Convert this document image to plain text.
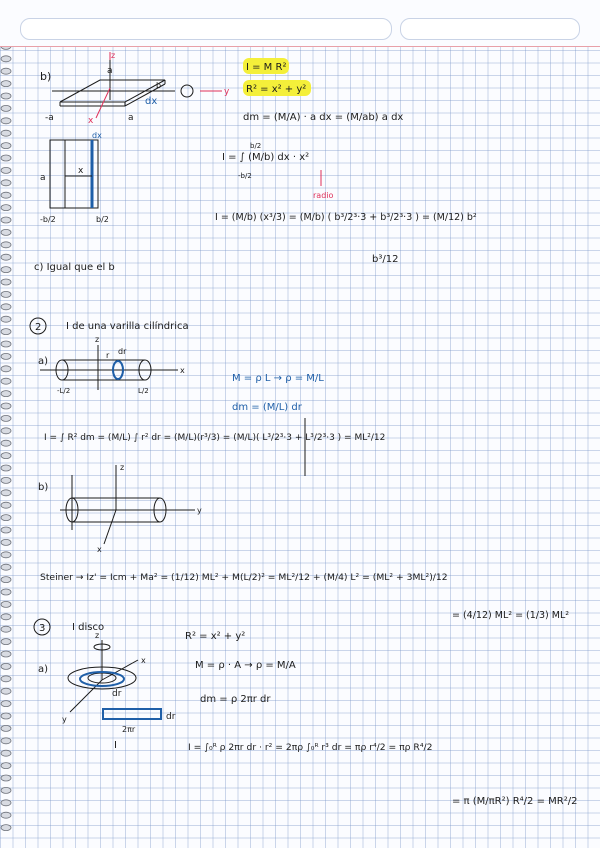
b)
z
x
y
a
b
-a	a
dx
I = M R²
R² = x² + y²
dm = (M/A) · a dx = (M/ab) a dx
a
x
dx
-b/2	b/2
I = ∫ (M/b) dx · x²
b/2
-b/2
radio
I = (M/b) (x³/3) = (M/b) ( b³/2³·3 + b³/2³·3 ) = (M/12) b²
b³/12
c) Igual que el b
2 I de una varilla cilíndrica
a)
z
r dr
x
-L/2	L/2
M = ρ L → ρ = M/L
dm = (M/L) dr
I = ∫ R² dm = (M/L) ∫ r² dr = (M/L)(r³/3) = (M/L)( L³/2³·3 + L³/2³·3 ) = ML²/12
b)
z
y
x
Steiner → Iz' = Icm + Ma² = (1/12) ML² + M(L/2)² = ML²/12 + (M/4) L² = (ML² + 3ML²)/12
= (4/12) ML² = (1/3) ML²
3	I disco
a)
z
x
y
dr
dr
2πr
I
R² = x² + y²
M = ρ · A → ρ = M/A
dm = ρ 2πr dr
I = ∫₀ᴿ ρ 2πr dr · r² = 2πρ ∫₀ᴿ r³ dr = πρ r⁴/2 = πρ R⁴/2
= π (M/πR²) R⁴/2 = MR²/2
